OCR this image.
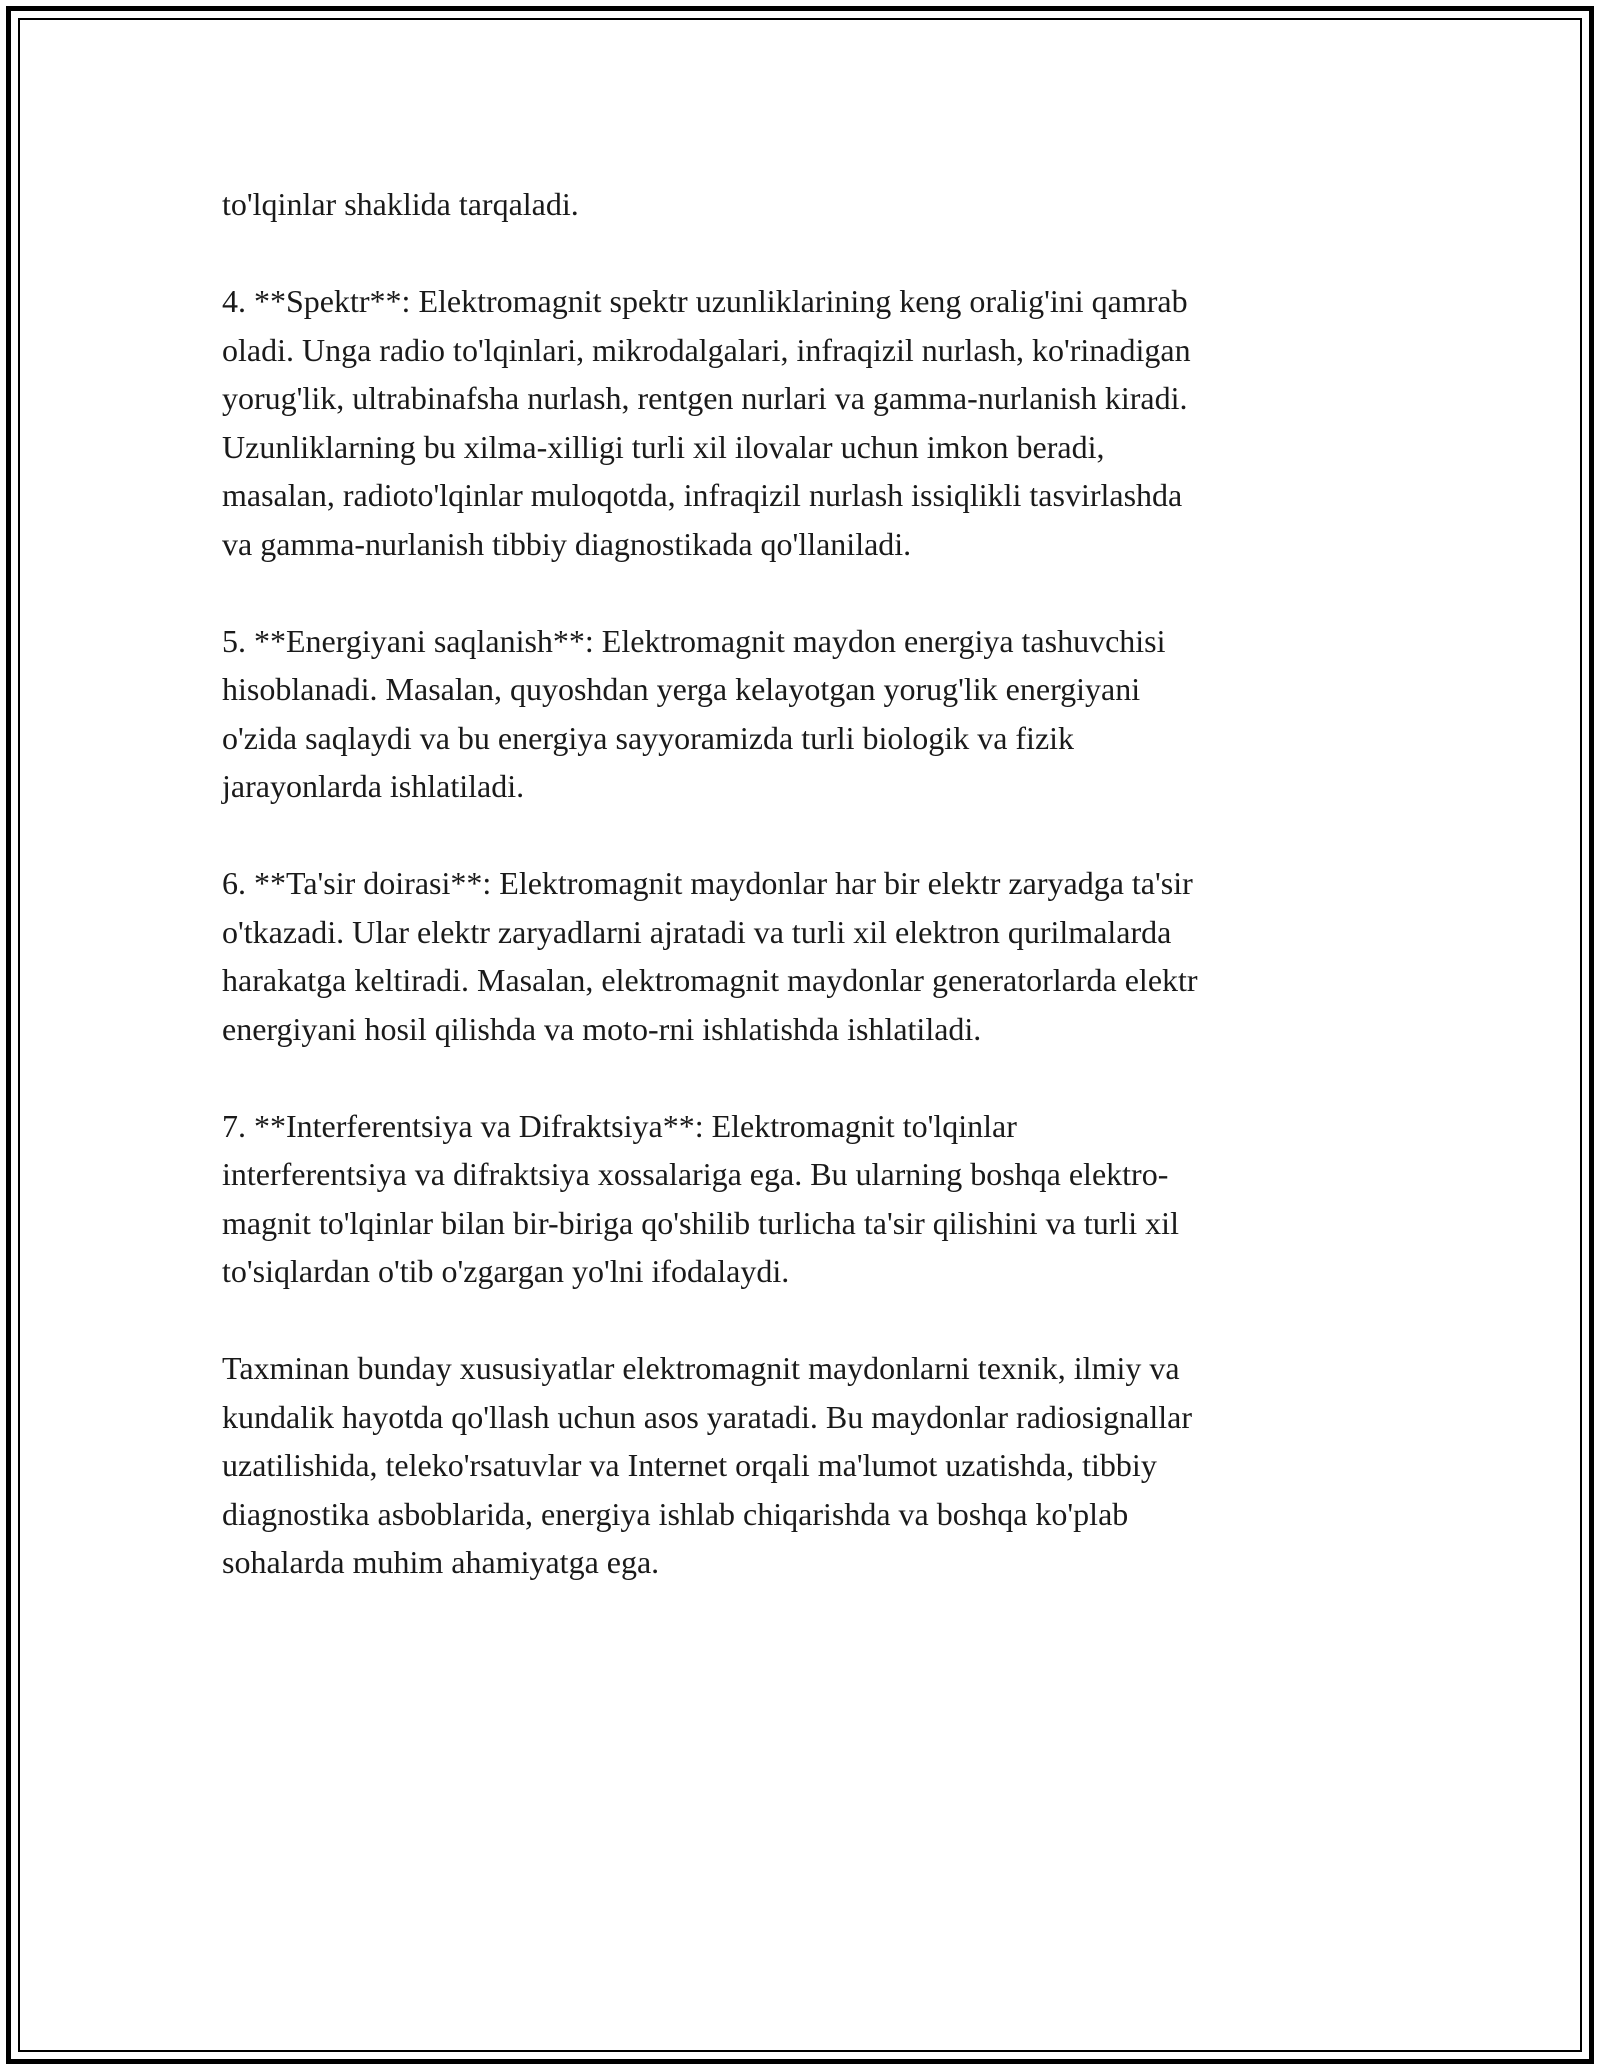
to'lqinlar shaklida tarqaladi.

4. **Spektr**: Elektromagnit spektr uzunliklarining keng oralig'ini qamrab
oladi. Unga radio to'lqinlari, mikrodalgalari, infraqizil nurlash, ko'rinadigan
yorug'lik, ultrabinafsha nurlash, rentgen nurlari va gamma-nurlanish kiradi.
Uzunliklarning bu xilma-xilligi turli xil ilovalar uchun imkon beradi,
masalan, radioto'lqinlar muloqotda, infraqizil nurlash issiqlikli tasvirlashda
va gamma-nurlanish tibbiy diagnostikada qo'llaniladi.

5. **Energiyani saqlanish**: Elektromagnit maydon energiya tashuvchisi
hisoblanadi. Masalan, quyoshdan yerga kelayotgan yorug'lik energiyani
o'zida saqlaydi va bu energiya sayyoramizda turli biologik va fizik
jarayonlarda ishlatiladi.

6. **Ta'sir doirasi**: Elektromagnit maydonlar har bir elektr zaryadga ta'sir
o'tkazadi. Ular elektr zaryadlarni ajratadi va turli xil elektron qurilmalarda
harakatga keltiradi. Masalan, elektromagnit maydonlar generatorlarda elektr
energiyani hosil qilishda va moto-rni ishlatishda ishlatiladi.

7. **Interferentsiya va Difraktsiya**: Elektromagnit to'lqinlar
interferentsiya va difraktsiya xossalariga ega. Bu ularning boshqa elektro-
magnit to'lqinlar bilan bir-biriga qo'shilib turlicha ta'sir qilishini va turli xil
to'siqlardan o'tib o'zgargan yo'lni ifodalaydi.

Taxminan bunday xususiyatlar elektromagnit maydonlarni texnik, ilmiy va
kundalik hayotda qo'llash uchun asos yaratadi. Bu maydonlar radiosignallar
uzatilishida, teleko'rsatuvlar va Internet orqali ma'lumot uzatishda, tibbiy
diagnostika asboblarida, energiya ishlab chiqarishda va boshqa ko'plab
sohalarda muhim ahamiyatga ega.
